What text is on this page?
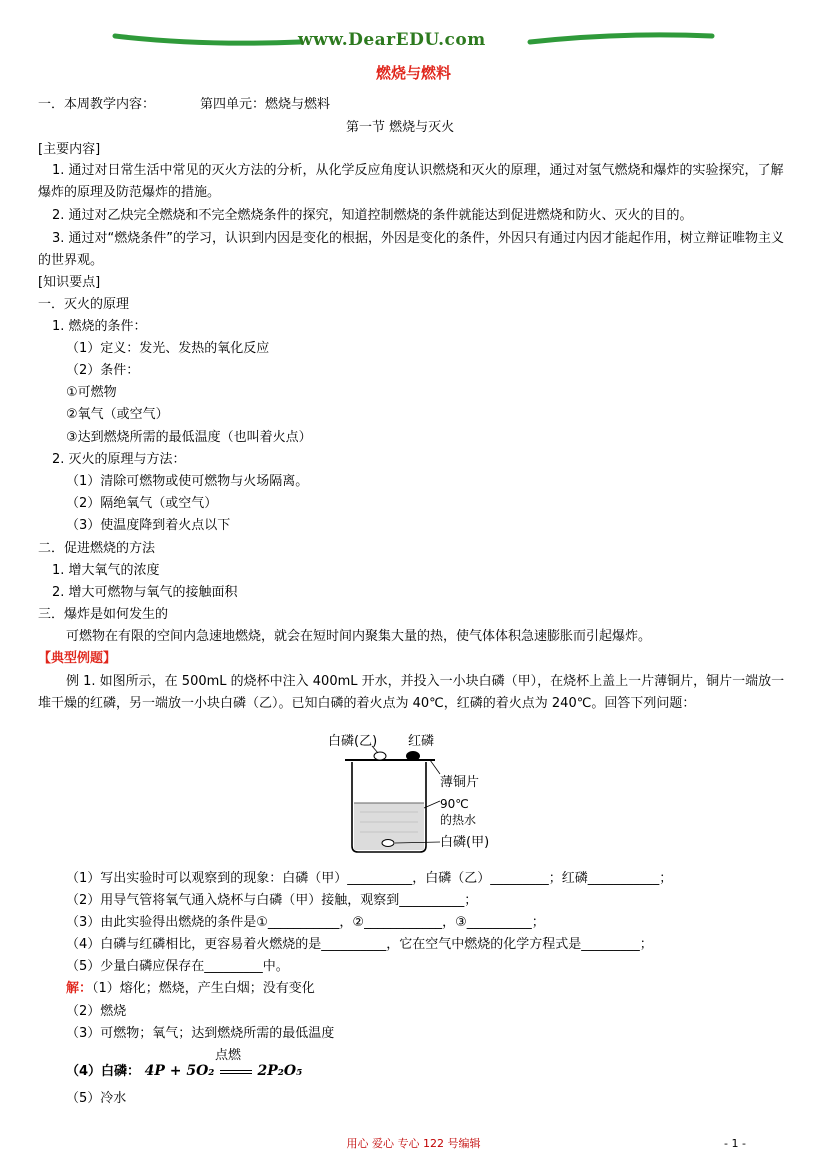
www.DearEDU.com
燃烧与燃料
一．本周教学内容：	第四单元：燃烧与燃料
第一节 燃烧与灭火
[主要内容]
1. 通过对日常生活中常见的灭火方法的分析，从化学反应角度认识燃烧和灭火的原理，通过对氢气燃烧和爆炸的实验探究，了解爆炸的原理及防范爆炸的措施。
2. 通过对乙炔完全燃烧和不完全燃烧条件的探究，知道控制燃烧的条件就能达到促进燃烧和防火、灭火的目的。
3. 通过对“燃烧条件”的学习，认识到内因是变化的根据，外因是变化的条件，外因只有通过内因才能起作用，树立辩证唯物主义的世界观。
[知识要点]
一．灭火的原理
1. 燃烧的条件：
（1）定义：发光、发热的氧化反应
（2）条件：
①可燃物
②氧气（或空气）
③达到燃烧所需的最低温度（也叫着火点）
2. 灭火的原理与方法：
（1）清除可燃物或使可燃物与火场隔离。
（2）隔绝氧气（或空气）
（3）使温度降到着火点以下
二．促进燃烧的方法
1. 增大氧气的浓度
2. 增大可燃物与氧气的接触面积
三．爆炸是如何发生的
可燃物在有限的空间内急速地燃烧，就会在短时间内聚集大量的热，使气体体积急速膨胀而引起爆炸。
【典型例题】
例 1. 如图所示，在 500mL 的烧杯中注入 400mL 开水，并投入一小块白磷（甲），在烧杯上盖上一片薄铜片，铜片一端放一堆干燥的红磷，另一端放一小块白磷（乙）。已知白磷的着火点为 40℃，红磷的着火点为 240℃。回答下列问题：
白磷(乙) 红磷
薄铜片
90℃
的热水
白磷(甲)
（1）写出实验时可以观察到的现象：白磷（甲）__________，白磷（乙）_________；红磷___________；
（2）用导气管将氧气通入烧杯与白磷（甲）接触，观察到__________；
（3）由此实验得出燃烧的条件是①___________，②____________，③__________；
（4）白磷与红磷相比，更容易着火燃烧的是__________，它在空气中燃烧的化学方程式是_________；
（5）少量白磷应保存在_________中。
解：（1）熔化；燃烧，产生白烟；没有变化
（2）燃烧
（3）可燃物；氧气；达到燃烧所需的最低温度
（4）白磷： 4P + 5O₂
点燃
2P₂O₅
（5）冷水
用心 爱心 专心 122 号编辑	- 1 -
